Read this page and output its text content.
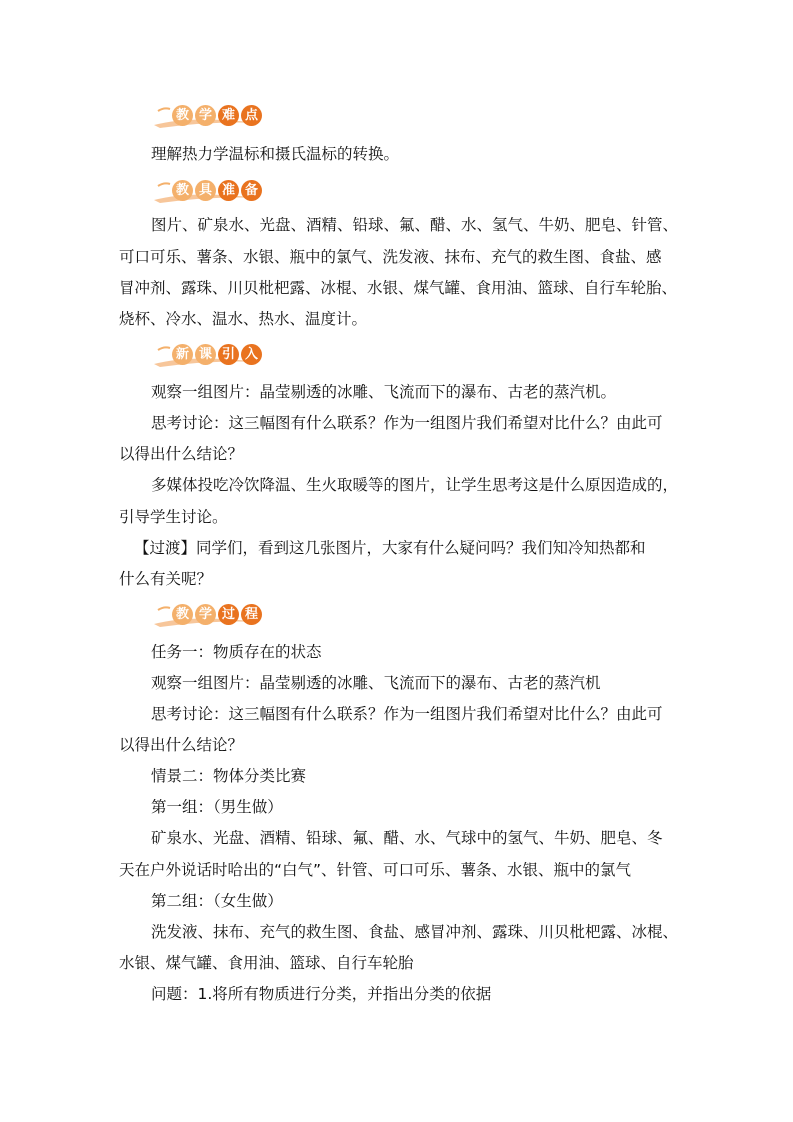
教 学 难 点
理解热力学温标和摄氏温标的转换。
教 具 准 备
图片、矿泉水、光盘、酒精、铅球、氟、醋、水、氢气、牛奶、肥皂、针管、
可口可乐、薯条、水银、瓶中的氯气、洗发液、抹布、充气的救生图、食盐、感
冒冲剂、露珠、川贝枇杷露、冰棍、水银、煤气罐、食用油、篮球、自行车轮胎、
烧杯、冷水、温水、热水、温度计。
新 课 引 入
观察一组图片：晶莹剔透的冰雕、飞流而下的瀑布、古老的蒸汽机。
思考讨论：这三幅图有什么联系？作为一组图片我们希望对比什么？由此可
以得出什么结论？
多媒体投吃冷饮降温、生火取暖等的图片，让学生思考这是什么原因造成的，
引导学生讨论。
【过渡】同学们，看到这几张图片，大家有什么疑问吗？我们知冷知热都和
什么有关呢？
教 学 过 程
任务一：物质存在的状态
观察一组图片：晶莹剔透的冰雕、飞流而下的瀑布、古老的蒸汽机
思考讨论：这三幅图有什么联系？作为一组图片我们希望对比什么？由此可
以得出什么结论？
情景二：物体分类比赛
第一组：（男生做）
矿泉水、光盘、酒精、铅球、氟、醋、水、气球中的氢气、牛奶、肥皂、冬
天在户外说话时哈出的“白气”、针管、可口可乐、薯条、水银、瓶中的氯气
第二组：（女生做）
洗发液、抹布、充气的救生图、食盐、感冒冲剂、露珠、川贝枇杷露、冰棍、
水银、煤气罐、食用油、篮球、自行车轮胎
问题：1.将所有物质进行分类，并指出分类的依据
